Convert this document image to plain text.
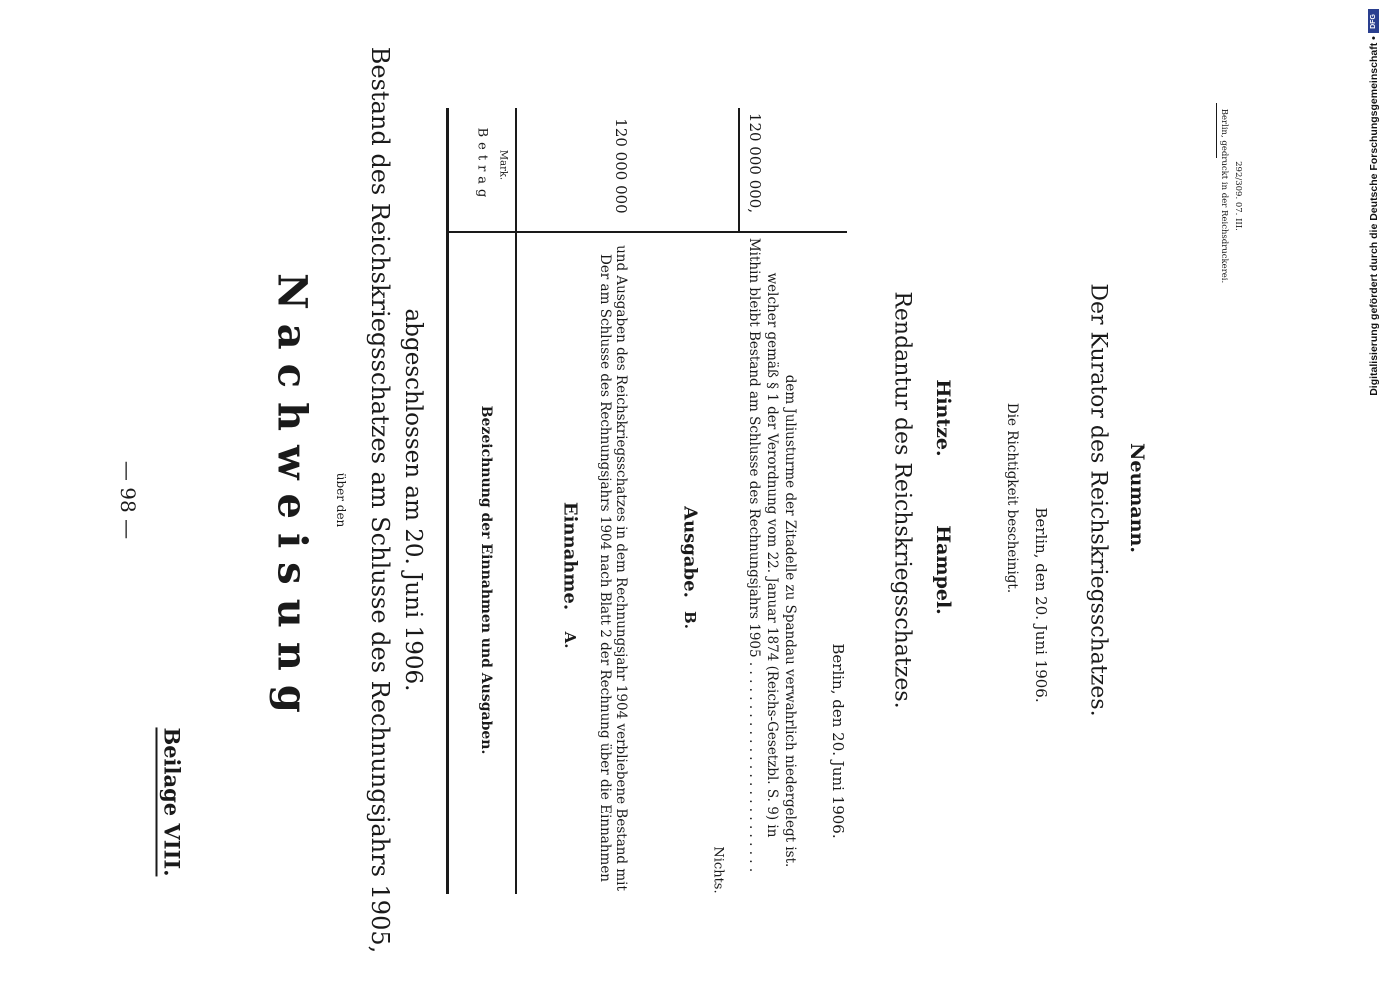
— 98 —
Beilage VIII.
Nachweisung über den Bestand des Reichskriegsschatzes am Schlusse des Rechnungsjahrs 1905, abgeschlossen am 20. Juni 1906.	Bezeichnung der Einnahmen und Ausgaben.
Betrag Mark.
A.
Einnahme. Der am Schlusse des Rechnungsjahrs 1904 nach Blatt 2 der Rechnung über die Einnahmen und Ausgaben des Reichskriegsschatzes in dem Rechnungsjahr 1904 verbliebene Bestand mit
120 000 000
B.
Ausgabe.
Nichts. Mithin bleibt Bestand am Schlusse des Rechnungsjahrs 1905 . . . . . . . . . . . . . . . . . . . . . . . . . welcher gemäß § 1 der Verordnung vom 22. Januar 1874 (Reichs-Gesetzbl. S. 9) in dem Juliusturme der Zitadelle zu Spandau verwahrlich niedergelegt ist.
120 000 000,
Berlin, den 20. Juni 1906.
Rendantur des Reichskriegsschatzes. Hampel.
Hintze.	Die Richtigkeit bescheinigt.
Berlin, den 20. Juni 1906. Der Kurator des Reichskriegsschatzes. Neumann.
Berlin, gedruckt in der Reichsdruckerei. 292/309. 07. III.
DFG
Digitalisierung gefördert durch die Deutsche Forschungsgemeinschaft •
